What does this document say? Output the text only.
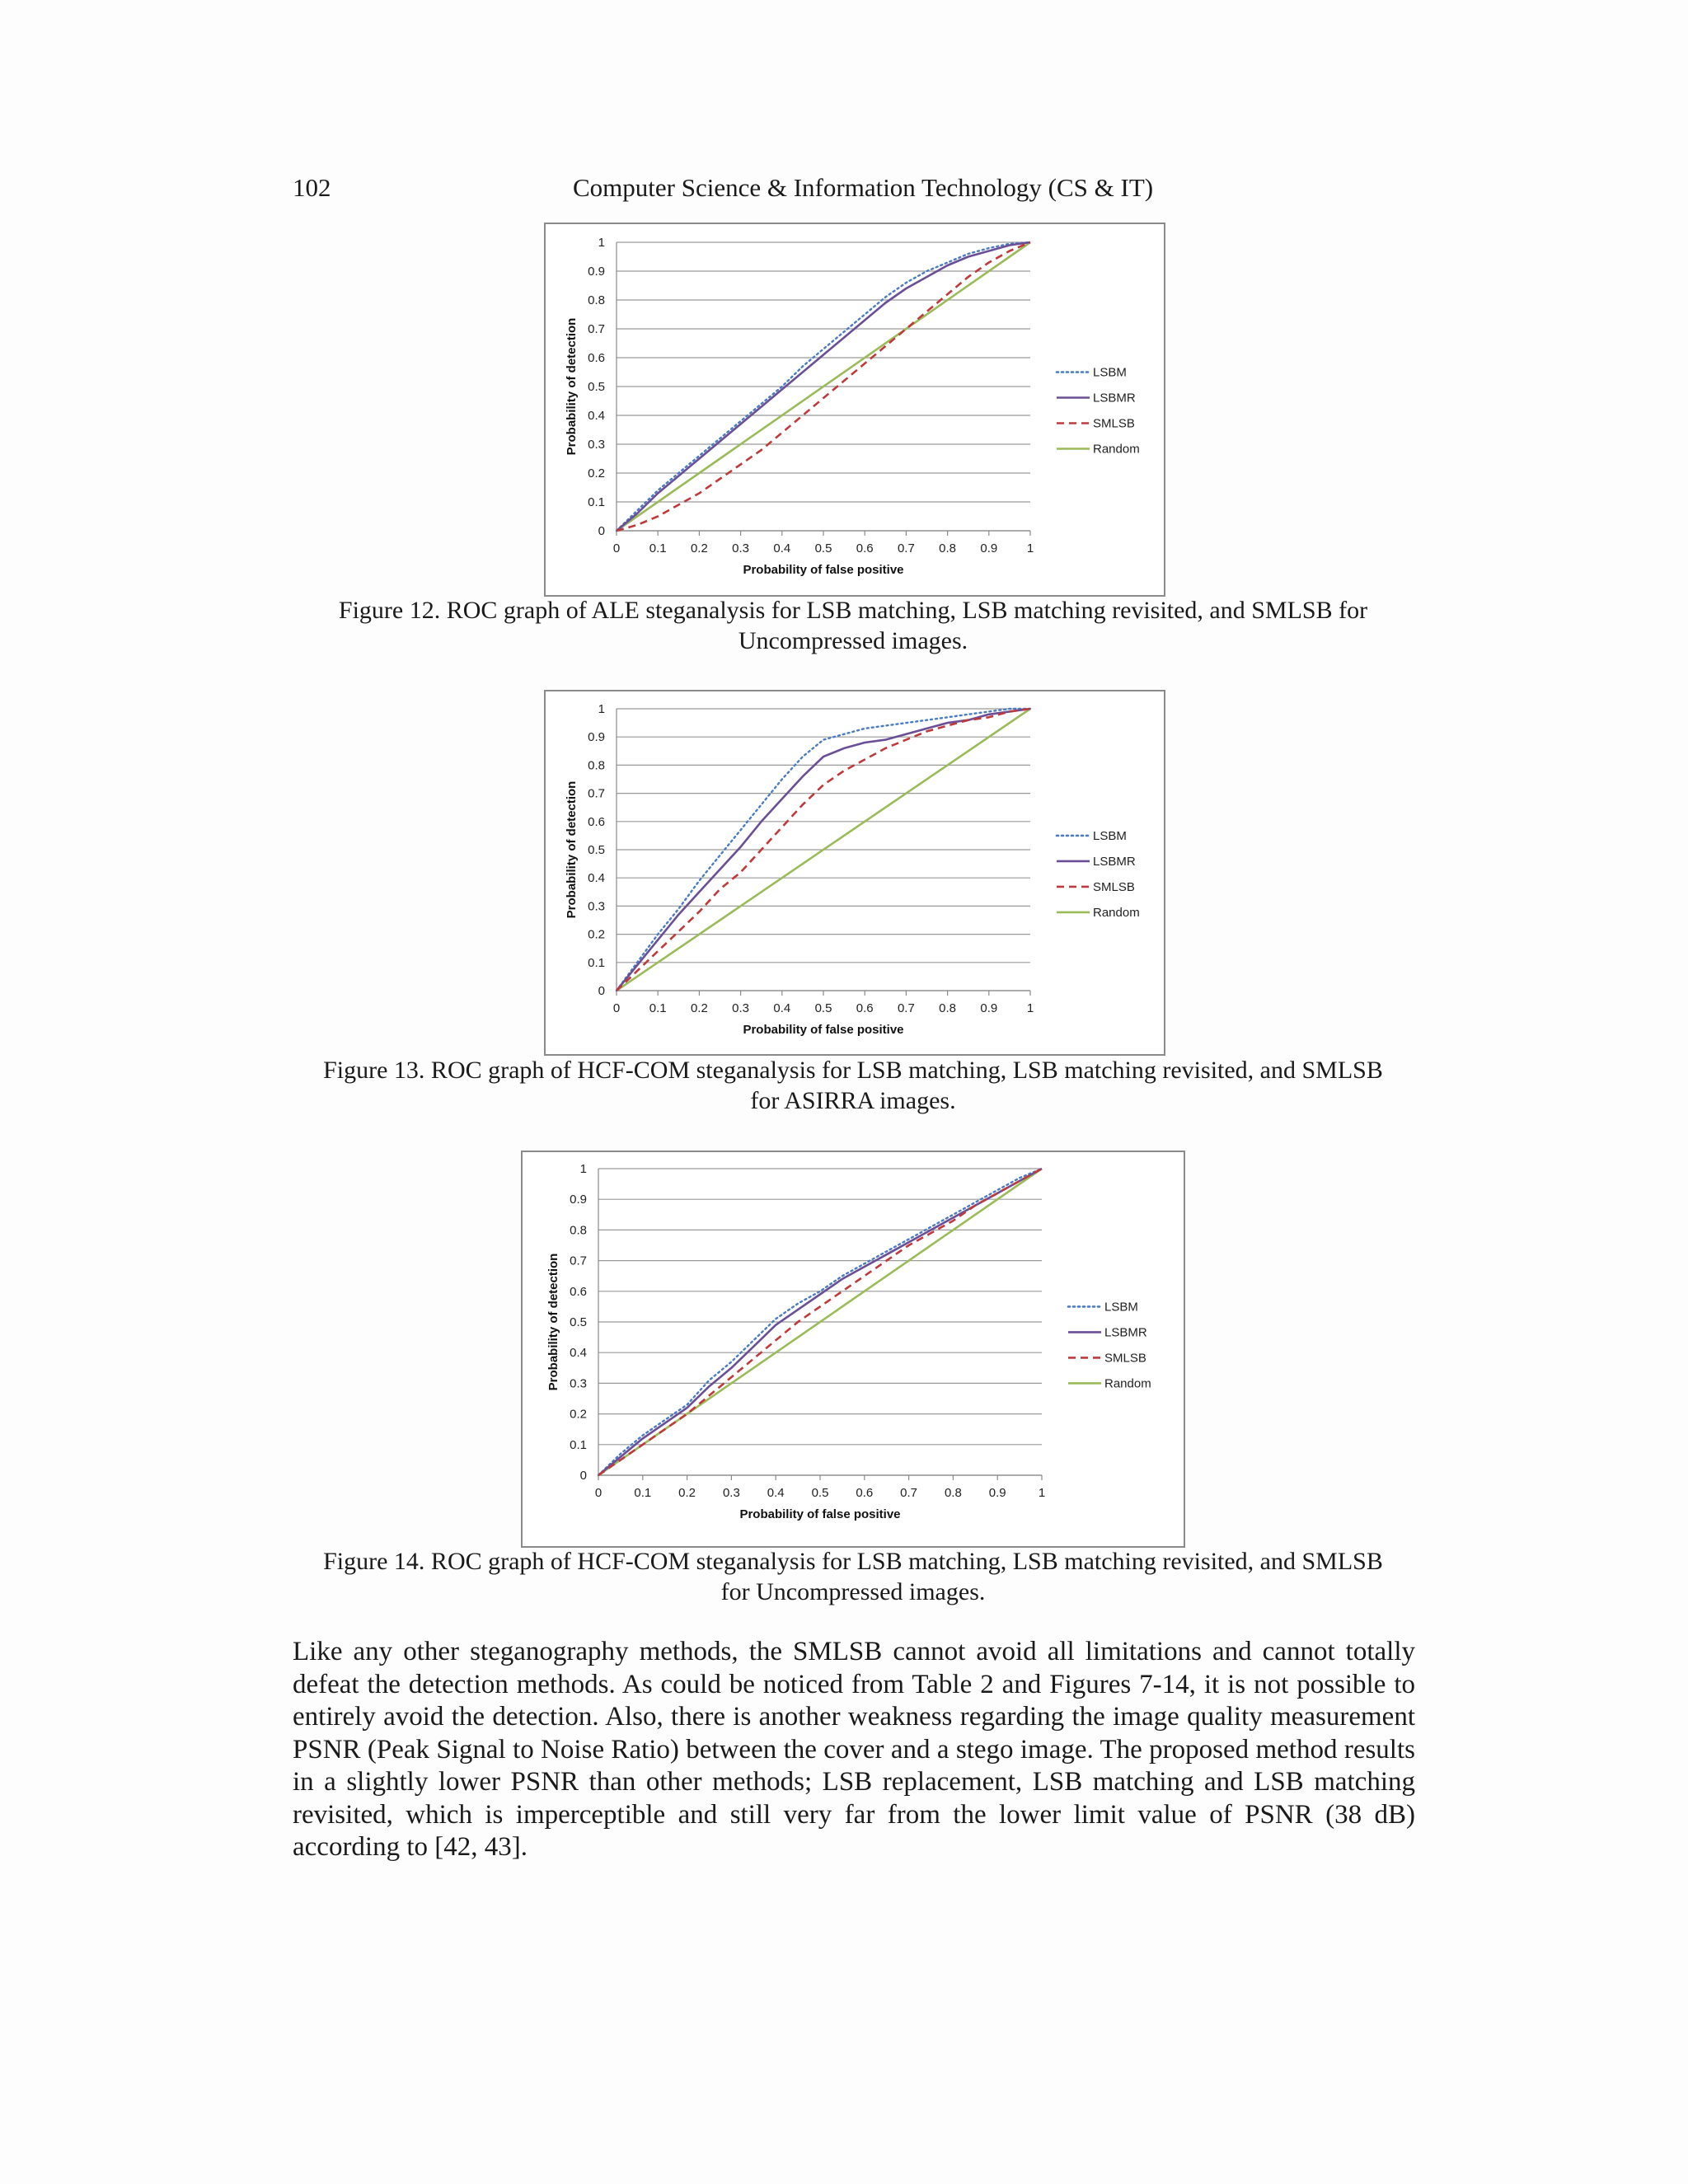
102	Computer Science & Information Technology (CS & IT)
0
0.1
0.2
0.3
0.4
0.5
0.6
0.7
0.8
0.9
1
0 0.1 0.2 0.3 0.4 0.5 0.6 0.7 0.8 0.9 1
Probability of false positive
Probability of detection	LSBM
LSBMR
SMLSB
Random
Figure 12. ROC graph of ALE steganalysis for LSB matching, LSB matching revisited, and SMLSB for
Uncompressed images.
0
0.1
0.2
0.3
0.4
0.5
0.6
0.7
0.8
0.9
1
0 0.1 0.2 0.3 0.4 0.5 0.6 0.7 0.8 0.9 1
Probability of false positive
Probability of detection	LSBM
LSBMR
SMLSB
Random
Figure 13. ROC graph of HCF-COM steganalysis for LSB matching, LSB matching revisited, and SMLSB
for ASIRRA images.
0
0.1
0.2
0.3
0.4
0.5
0.6
0.7
0.8
0.9
1
0	0.1 0.2 0.3 0.4 0.5 0.6 0.7 0.8 0.9	1
Probability of false positive
Probability of detection	LSBM
LSBMR
SMLSB
Random
Figure 14. ROC graph of HCF-COM steganalysis for LSB matching, LSB matching revisited, and SMLSB
for Uncompressed images.
Like any other steganography methods, the SMLSB cannot avoid all limitations and cannot totally defeat the detection methods. As could be noticed from Table 2 and Figures 7-14, it is not possible to entirely avoid the detection. Also, there is another weakness regarding the image quality measurement PSNR (Peak Signal to Noise Ratio) between the cover and a stego image. The proposed method results in a slightly lower PSNR than other methods; LSB replacement, LSB matching and LSB matching revisited, which is imperceptible and still very far from the lower limit value of PSNR (38 dB) according to [42, 43].
